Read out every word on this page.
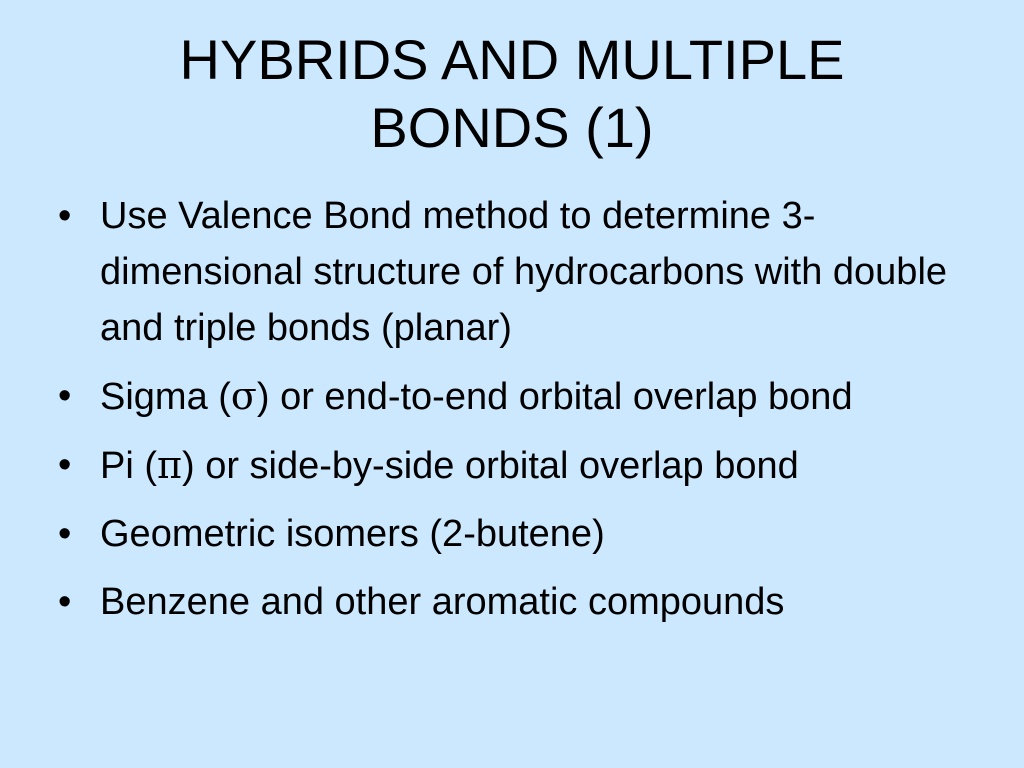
HYBRIDS AND MULTIPLE
BONDS (1)
• Use Valence Bond method to determine 3-dimensional structure of hydrocarbons with double and triple bonds (planar)
• Sigma (σ) or end-to-end orbital overlap bond
• Pi (π) or side-by-side orbital overlap bond
• Geometric isomers (2-butene)
• Benzene and other aromatic compounds
